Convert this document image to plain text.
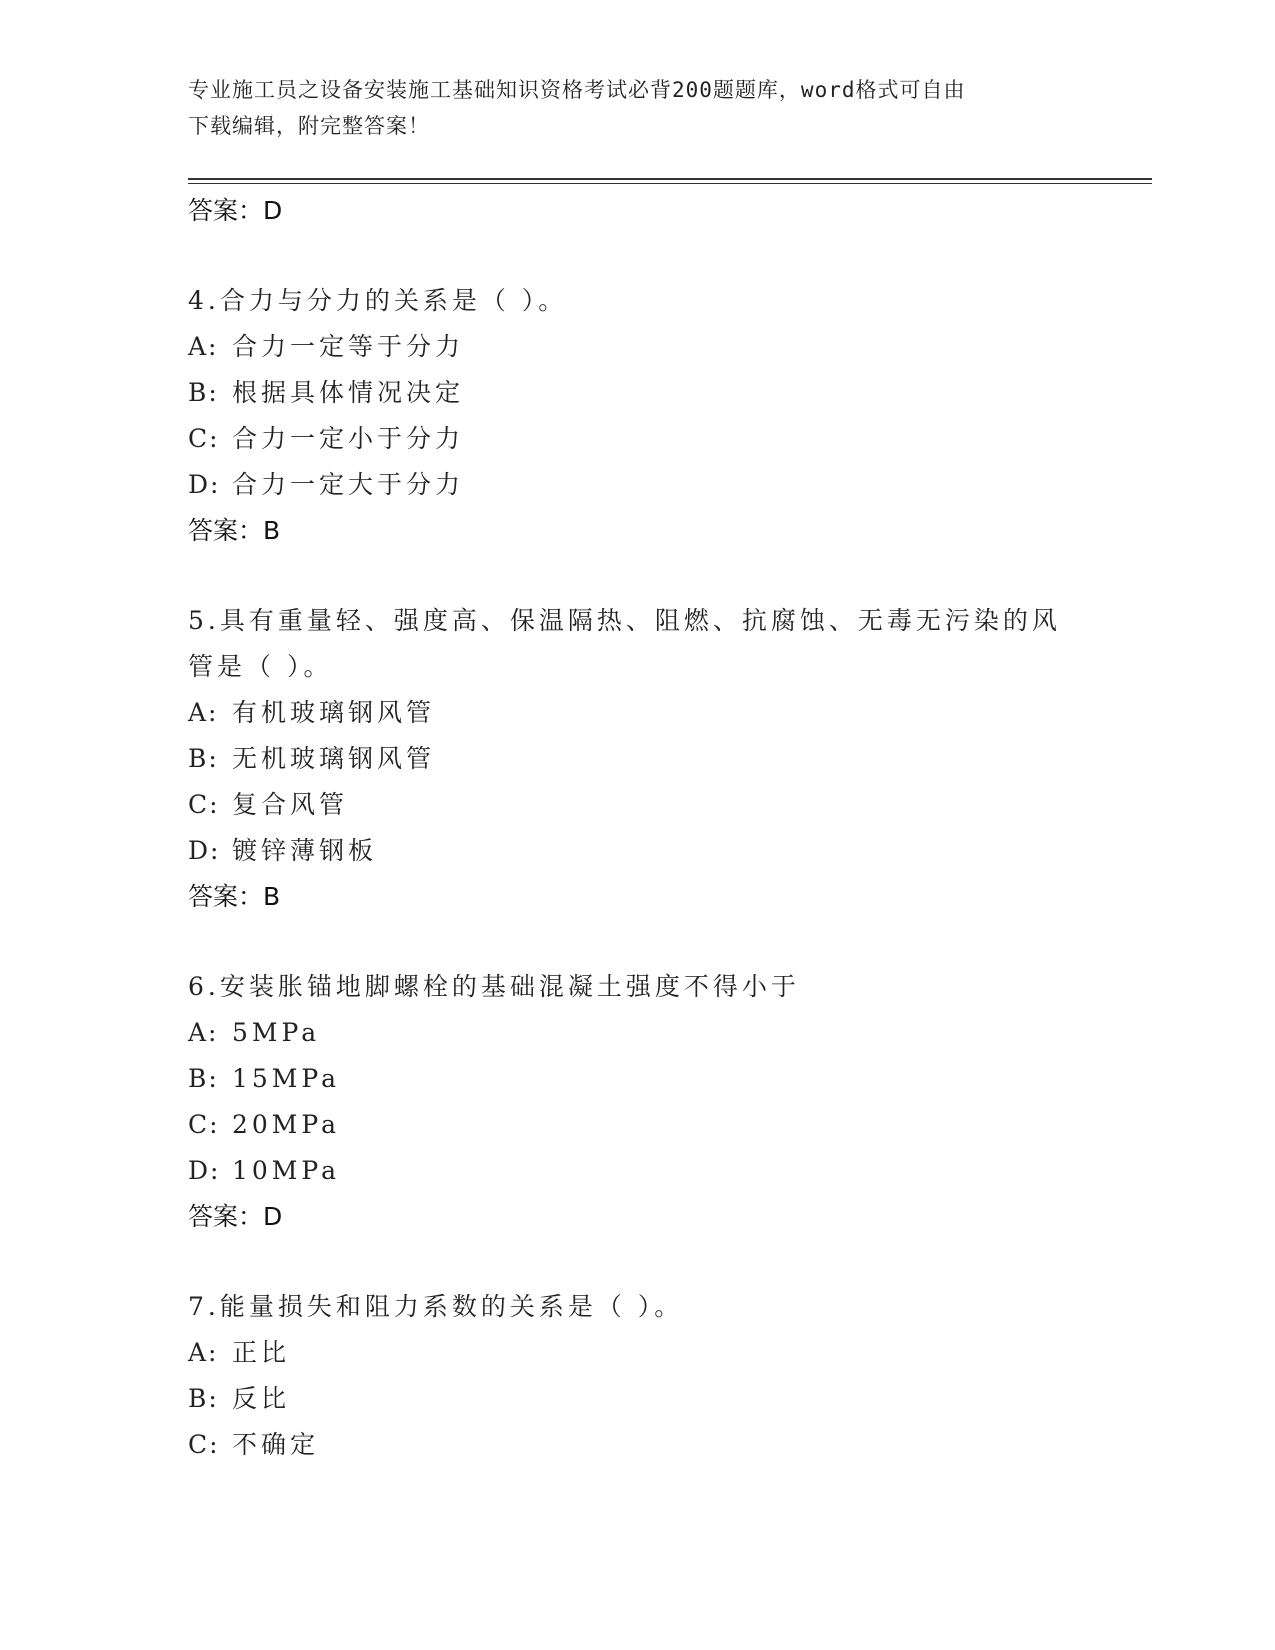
专业施工员之设备安装施工基础知识资格考试必背200题题库，word格式可自由
下载编辑，附完整答案！
答案：D
4.合力与分力的关系是（ ）。
A: 合力一定等于分力
B: 根据具体情况决定
C: 合力一定小于分力
D: 合力一定大于分力
答案：B
5.具有重量轻、强度高、保温隔热、阻燃、抗腐蚀、无毒无污染的风
管是（ ）。
A: 有机玻璃钢风管
B: 无机玻璃钢风管
C: 复合风管
D: 镀锌薄钢板
答案：B
6.安装胀锚地脚螺栓的基础混凝土强度不得小于
A: 5MPa
B: 15MPa
C: 20MPa
D: 10MPa
答案：D
7.能量损失和阻力系数的关系是（ ）。
A: 正比
B: 反比
C: 不确定
